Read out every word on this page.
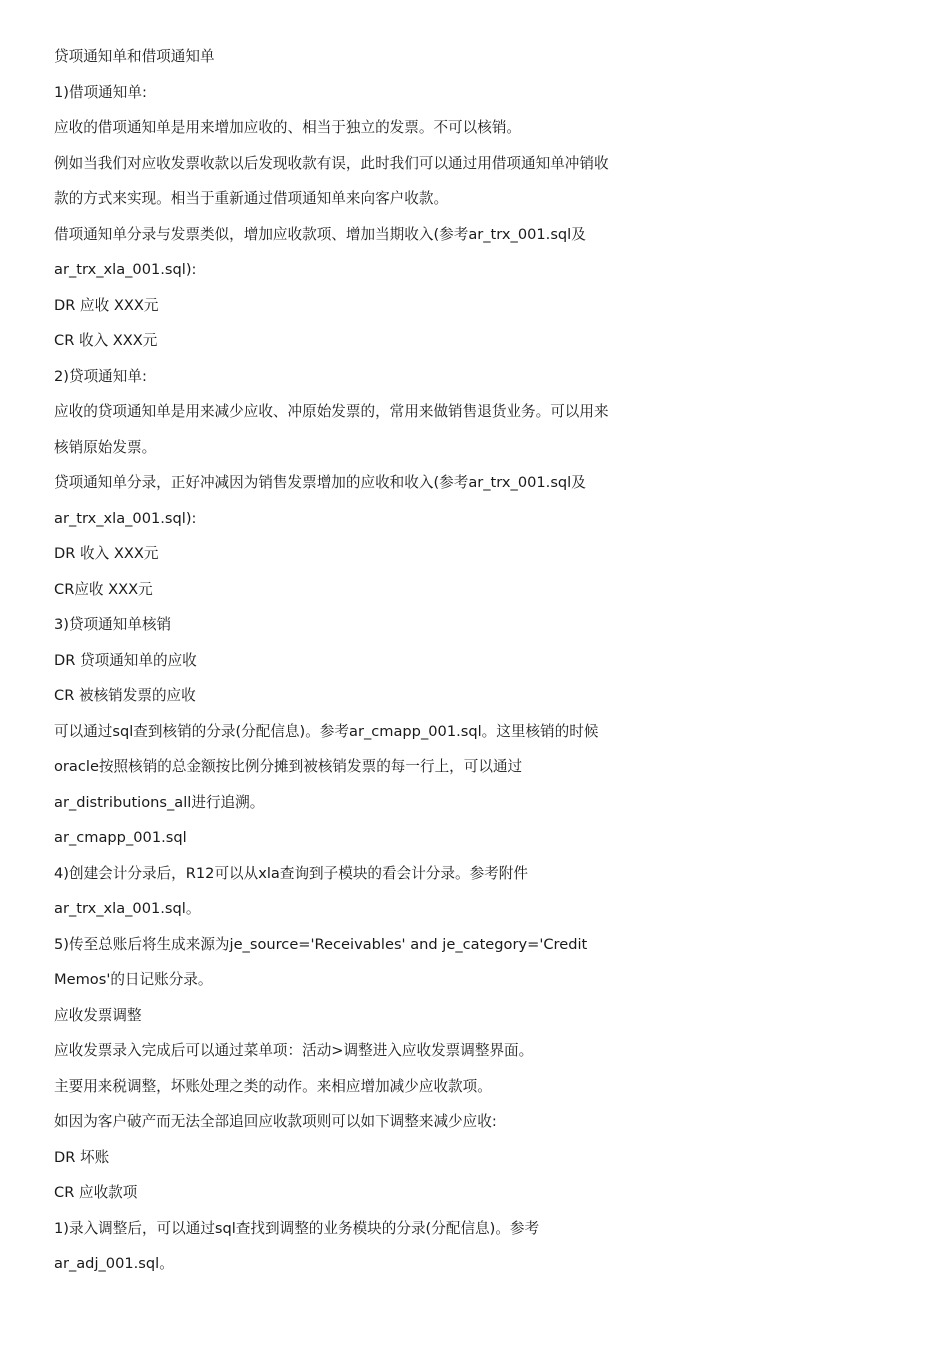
贷项通知单和借项通知单
1)借项通知单:
应收的借项通知单是用来增加应收的、相当于独立的发票。不可以核销。
例如当我们对应收发票收款以后发现收款有误，此时我们可以通过用借项通知单冲销收
款的方式来实现。相当于重新通过借项通知单来向客户收款。
借项通知单分录与发票类似，增加应收款项、增加当期收入(参考ar_trx_001.sql及
ar_trx_xla_001.sql):
DR 应收 XXX元
CR 收入 XXX元
2)贷项通知单:
应收的贷项通知单是用来减少应收、冲原始发票的，常用来做销售退货业务。可以用来
核销原始发票。
贷项通知单分录，正好冲减因为销售发票增加的应收和收入(参考ar_trx_001.sql及
ar_trx_xla_001.sql):
DR 收入 XXX元
CR应收 XXX元
3)贷项通知单核销
DR 贷项通知单的应收
CR 被核销发票的应收
可以通过sql查到核销的分录(分配信息)。参考ar_cmapp_001.sql。这里核销的时候
oracle按照核销的总金额按比例分摊到被核销发票的每一行上，可以通过
ar_distributions_all进行追溯。
ar_cmapp_001.sql
4)创建会计分录后，R12可以从xla查询到子模块的看会计分录。参考附件
ar_trx_xla_001.sql。
5)传至总账后将生成来源为je_source='Receivables' and je_category='Credit
Memos'的日记账分录。
应收发票调整
应收发票录入完成后可以通过菜单项：活动>调整进入应收发票调整界面。
主要用来税调整，坏账处理之类的动作。来相应增加减少应收款项。
如因为客户破产而无法全部追回应收款项则可以如下调整来减少应收:
DR 坏账
CR 应收款项
1)录入调整后，可以通过sql查找到调整的业务模块的分录(分配信息)。参考
ar_adj_001.sql。
